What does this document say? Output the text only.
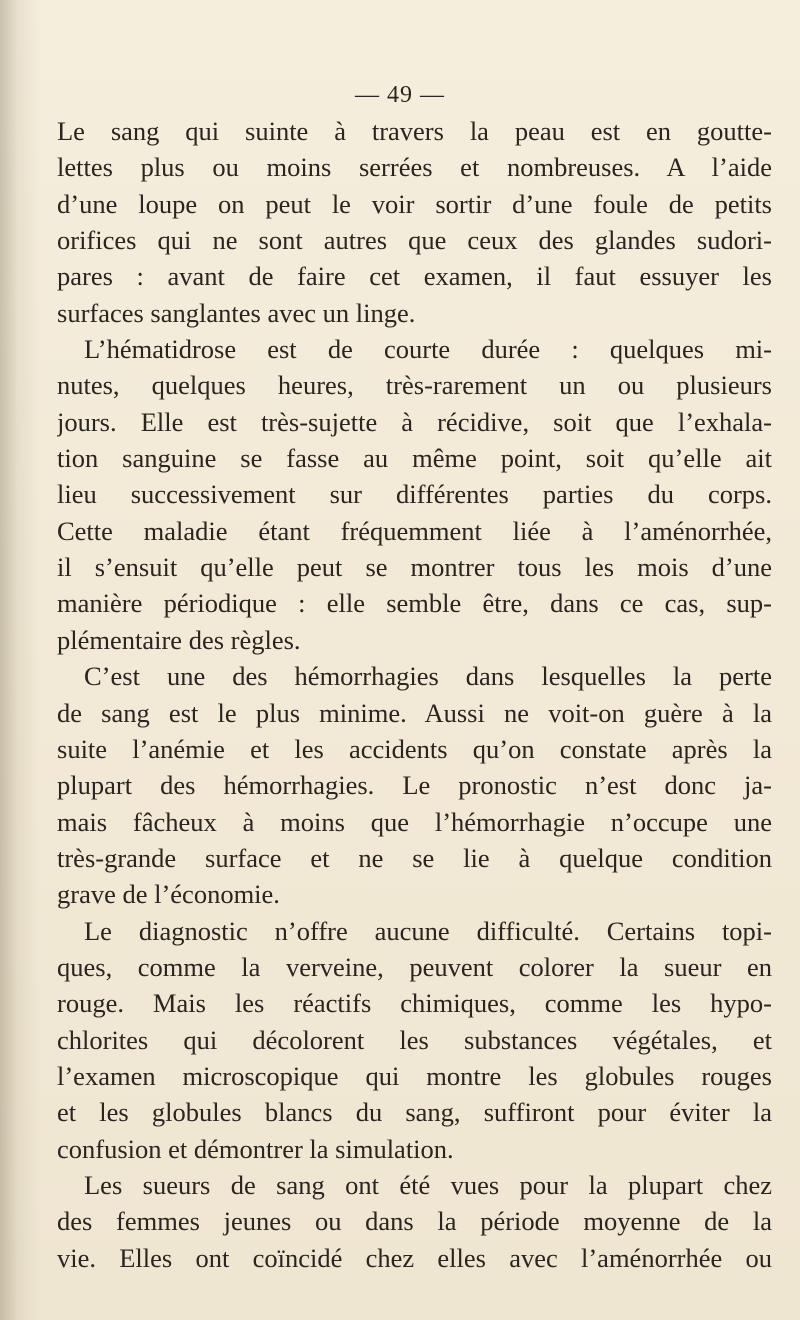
— 49 —
Le sang qui suinte à travers la peau est en goutte-
lettes plus ou moins serrées et nombreuses. A l’aide
d’une loupe on peut le voir sortir d’une foule de petits
orifices qui ne sont autres que ceux des glandes sudori-
pares : avant de faire cet examen, il faut essuyer les
surfaces sanglantes avec un linge.
L’hématidrose est de courte durée : quelques mi-
nutes, quelques heures, très-rarement un ou plusieurs
jours. Elle est très-sujette à récidive, soit que l’exhala-
tion sanguine se fasse au même point, soit qu’elle ait
lieu successivement sur différentes parties du corps.
Cette maladie étant fréquemment liée à l’aménorrhée,
il s’ensuit qu’elle peut se montrer tous les mois d’une
manière périodique : elle semble être, dans ce cas, sup-
plémentaire des règles.
C’est une des hémorrhagies dans lesquelles la perte
de sang est le plus minime. Aussi ne voit-on guère à la
suite l’anémie et les accidents qu’on constate après la
plupart des hémorrhagies. Le pronostic n’est donc ja-
mais fâcheux à moins que l’hémorrhagie n’occupe une
très-grande surface et ne se lie à quelque condition
grave de l’économie.
Le diagnostic n’offre aucune difficulté. Certains topi-
ques, comme la verveine, peuvent colorer la sueur en
rouge. Mais les réactifs chimiques, comme les hypo-
chlorites qui décolorent les substances végétales, et
l’examen microscopique qui montre les globules rouges
et les globules blancs du sang, suffiront pour éviter la
confusion et démontrer la simulation.
Les sueurs de sang ont été vues pour la plupart chez
des femmes jeunes ou dans la période moyenne de la
vie. Elles ont coïncidé chez elles avec l’aménorrhée ou
